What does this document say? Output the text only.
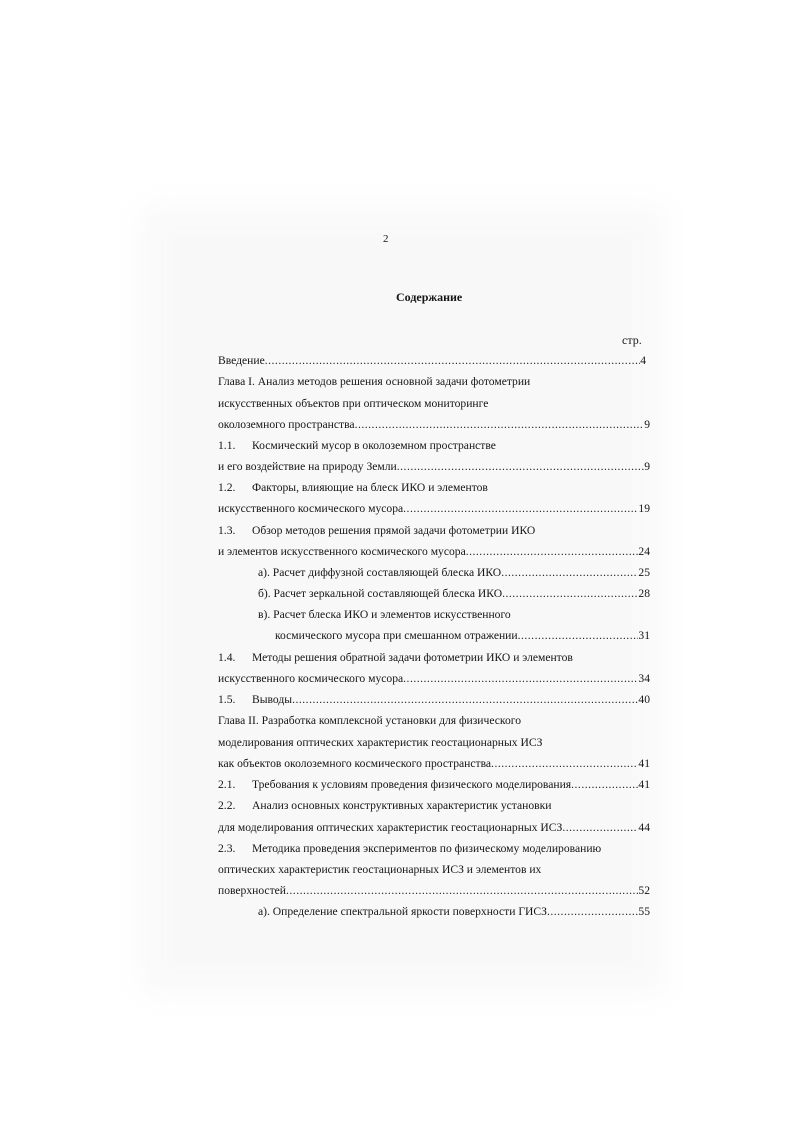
2
Содержание
стр.
Введение . . .	4
Глава I. Анализ методов решения основной задачи фотометрии
искусственных объектов при оптическом мониторинге
околоземного пространства . . .	9
1.1. Космический мусор в околоземном пространстве
и его воздействие на природу Земли . . .	9
1.2. Факторы, влияющие на блеск ИКО и элементов
искусственного космического мусора . . .	19
1.3. Обзор методов решения прямой задачи фотометрии ИКО
и элементов искусственного космического мусора . . .	24
а). Расчет диффузной составляющей блеска ИКО . . .	25
б). Расчет зеркальной составляющей блеска ИКО . . .	28
в). Расчет блеска ИКО и элементов искусственного
космического мусора при смешанном отражении . . .	31
1.4. Методы решения обратной задачи фотометрии ИКО и элементов
искусственного космического мусора . . .	34
1.5. Выводы . . .	40
Глава II. Разработка комплексной установки для физического
моделирования оптических характеристик геостационарных ИСЗ
как объектов околоземного космического пространства . . .	41
2.1. Требования к условиям проведения физического моделирования . . .	41
2.2. Анализ основных конструктивных характеристик установки
для моделирования оптических характеристик геостационарных ИСЗ . . .	44
2.3. Методика проведения экспериментов по физическому моделированию
оптических характеристик геостационарных ИСЗ и элементов их
поверхностей . . .	52
а). Определение спектральной яркости поверхности ГИСЗ . . .	55
